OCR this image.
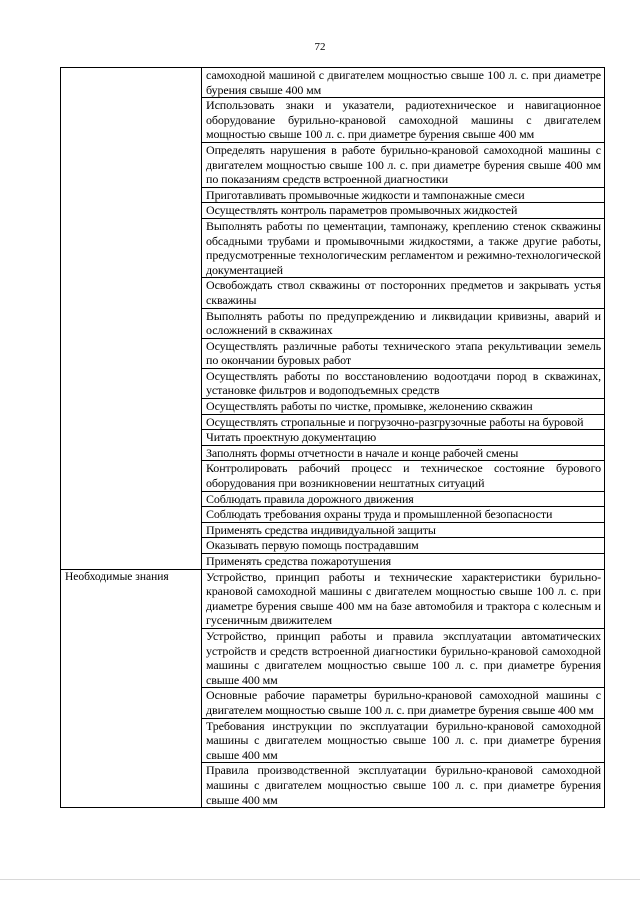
72
	самоходной машиной с двигателем мощностью свыше 100 л. с. при диаметре бурения свыше 400 мм
	Использовать знаки и указатели, радиотехническое и навигационное оборудование бурильно-крановой самоходной машины с двигателем мощностью свыше 100 л. с. при диаметре бурения свыше 400 мм
	Определять нарушения в работе бурильно-крановой самоходной машины с двигателем мощностью свыше 100 л. с. при диаметре бурения свыше 400 мм по показаниям средств встроенной диагностики
	Приготавливать промывочные жидкости и тампонажные смеси
	Осуществлять контроль параметров промывочных жидкостей
	Выполнять работы по цементации, тампонажу, креплению стенок скважины обсадными трубами и промывочными жидкостями, а также другие работы, предусмотренные технологическим регламентом и режимно-технологической документацией
	Освобождать ствол скважины от посторонних предметов и закрывать устья скважины
	Выполнять работы по предупреждению и ликвидации кривизны, аварий и осложнений в скважинах
	Осуществлять различные работы технического этапа рекультивации земель по окончании буровых работ
	Осуществлять работы по восстановлению водоотдачи пород в скважинах, установке фильтров и водоподъемных средств
	Осуществлять работы по чистке, промывке, желонению скважин
	Осуществлять стропальные и погрузочно-разгрузочные работы на буровой
	Читать проектную документацию
	Заполнять формы отчетности в начале и конце рабочей смены
	Контролировать рабочий процесс и техническое состояние бурового оборудования при возникновении нештатных ситуаций
	Соблюдать правила дорожного движения
	Соблюдать требования охраны труда и промышленной безопасности
	Применять средства индивидуальной защиты
	Оказывать первую помощь пострадавшим
	Применять средства пожаротушения
Необходимые знания	Устройство, принцип работы и технические характеристики бурильно-крановой самоходной машины с двигателем мощностью свыше 100 л. с. при диаметре бурения свыше 400 мм на базе автомобиля и трактора с колесным и гусеничным движителем
	Устройство, принцип работы и правила эксплуатации автоматических устройств и средств встроенной диагностики бурильно-крановой самоходной машины с двигателем мощностью свыше 100 л. с. при диаметре бурения свыше 400 мм
	Основные рабочие параметры бурильно-крановой самоходной машины с двигателем мощностью свыше 100 л. с. при диаметре бурения свыше 400 мм
	Требования инструкции по эксплуатации бурильно-крановой самоходной машины с двигателем мощностью свыше 100 л. с. при диаметре бурения свыше 400 мм
	Правила производственной эксплуатации бурильно-крановой самоходной машины с двигателем мощностью свыше 100 л. с. при диаметре бурения свыше 400 мм
